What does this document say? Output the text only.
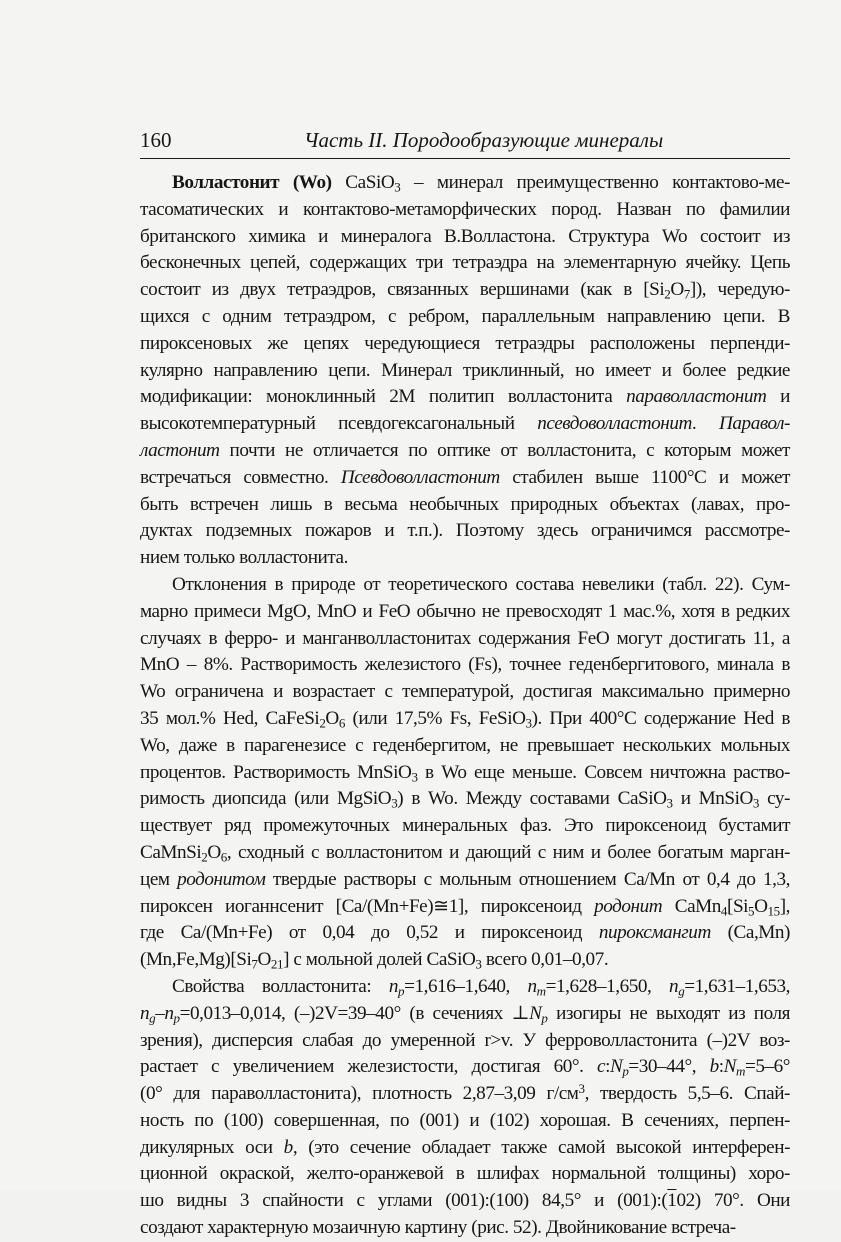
160	Часть II. Породообразующие минералы
Волластонит (Wo) CaSiO$_3$ – минерал преимущественно контактово-ме-
тасоматических и контактово-метаморфических пород. Назван по фамилии
британского химика и минералога В.Волластона. Структура Wo состоит из
бесконечных цепей, содержащих три тетраэдра на элементарную ячейку. Цепь
состоит из двух тетраэдров, связанных вершинами (как в $[Si_2O_7]$), чередую-
щихся с одним тетраэдром, с ребром, параллельным направлению цепи. В
пироксеновых же цепях чередующиеся тетраэдры расположены перпенди-
кулярно направлению цепи. Минерал триклинный, но имеет и более редкие
модификации: моноклинный 2М политип волластонита параволластонит и
высокотемпературный псевдогексагональный псевдоволластонит. Паравол-
ластонит почти не отличается по оптике от волластонита, с которым может
встречаться совместно. Псевдоволластонит стабилен выше 1100°C и может
быть встречен лишь в весьма необычных природных объектах (лавах, про-
дуктах подземных пожаров и т.п.). Поэтому здесь ограничимся рассмотре-
нием только волластонита.
Отклонения в природе от теоретического состава невелики (табл. 22). Сум-
марно примеси MgO, MnO и FeO обычно не превосходят 1 мас.%, хотя в редких
случаях в ферро- и манганволластонитах содержания FeO могут достигать 11, а
MnO – 8%. Растворимость железистого (Fs), точнее геденбергитового, минала в
Wo ограничена и возрастает с температурой, достигая максимально примерно
35 мол.% Hed, $CaFeSi_2O_6$ (или 17,5% Fs, FeSiO$_3$). При 400°C содержание Hed в
Wo, даже в парагенезисе с геденбергитом, не превышает нескольких мольных
процентов. Растворимость MnSiO$_3$ в Wo еще меньше. Совсем ничтожна раство-
римость диопсида (или MgSiO$_3$) в Wo. Между составами CaSiO$_3$ и MnSiO$_3$ су-
ществует ряд промежуточных минеральных фаз. Это пироксеноид бустамит
$CaMnSi_2O_6$, сходный с волластонитом и дающий с ним и более богатым марган-
цем родонитом твердые растворы с мольным отношением Ca/Mn от 0,4 до 1,3,
пироксен иоганнсенит [Ca/(Mn+Fe)≅1], пироксеноид родонит $CaMn_4[Si_5O_{15}]$,
где Ca/(Mn+Fe) от 0,04 до 0,52 и пироксеноид пироксмангит (Ca,Mn)
$(Mn,Fe,Mg)[Si_7O_{21}]$ с мольной долей CaSiO$_3$ всего 0,01–0,07.
Свойства волластонита: $n_p=1,616-1,640$, $n_m=1,628-1,650$, $n_g=1,631-1,653$,
$n_g-n_p=0,013-0,014$, (–)2V=39–40° (в сечениях $\perp N_p$ изогиры не выходят из поля
зрения), дисперсия слабая до умеренной r>v. У ферроволластонита (–)2V воз-
растает с увеличением железистости, достигая 60°. $c:N_p=30-44^\circ$, $b:N_m=5-6^\circ$
(0° для параволластонита), плотность 2,87–3,09 $г/см^3$, твердость 5,5–6. Спай-
ность по (100) совершенная, по (001) и (102) хорошая. В сечениях, перпен-
дикулярных оси b, (это сечение обладает также самой высокой интерферен-
ционной окраской, желто-оранжевой в шлифах нормальной толщины) хоро-
шо видны 3 спайности с углами (001):(100) 84,5° и (001):(102) 70°. Они
создают характерную мозаичную картину (рис. 52). Двойникование встреча-
